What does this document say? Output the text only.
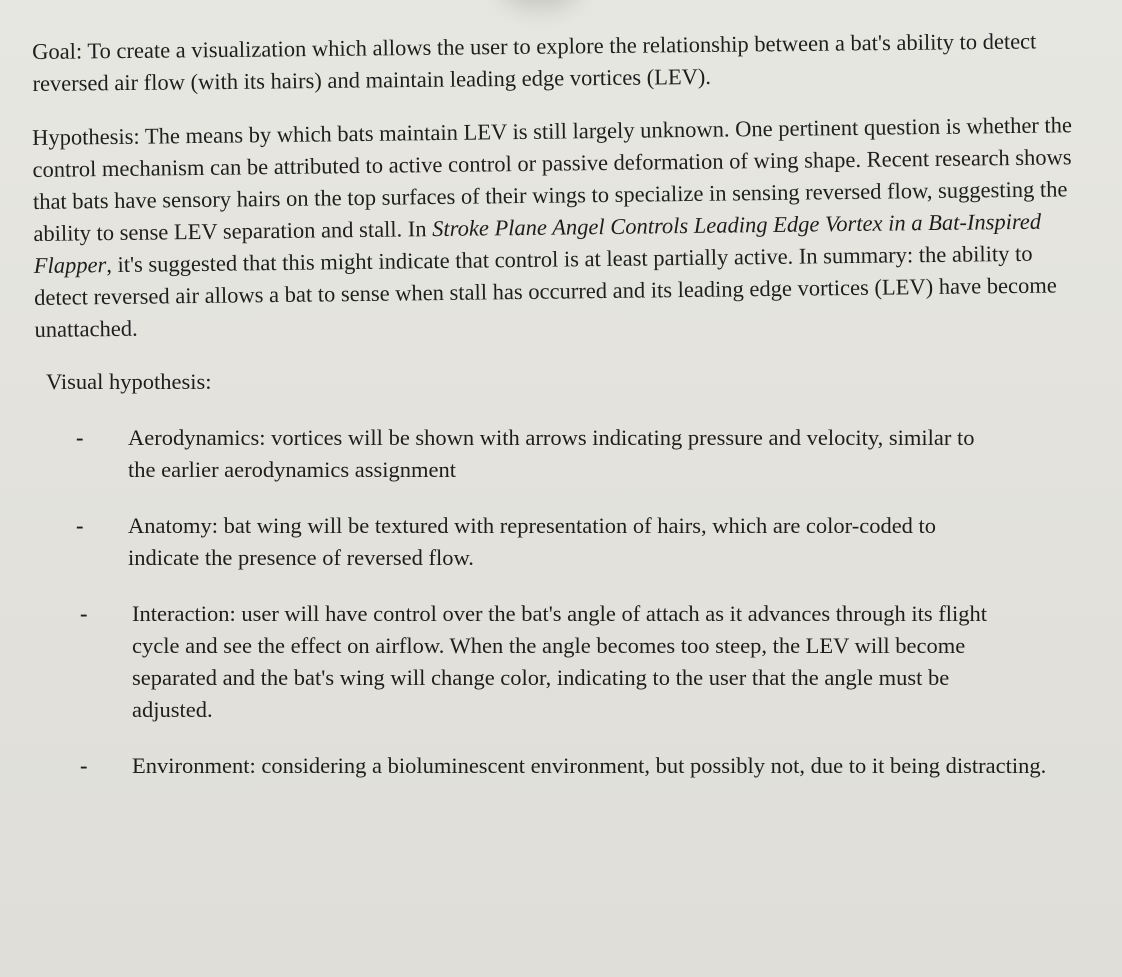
Goal: To create a visualization which allows the user to explore the relationship between a bat's ability to detect reversed air flow (with its hairs) and maintain leading edge vortices (LEV).

Hypothesis: The means by which bats maintain LEV is still largely unknown. One pertinent question is whether the control mechanism can be attributed to active control or passive deformation of wing shape. Recent research shows that bats have sensory hairs on the top surfaces of their wings to specialize in sensing reversed flow, suggesting the ability to sense LEV separation and stall. In Stroke Plane Angel Controls Leading Edge Vortex in a Bat-Inspired Flapper, it's suggested that this might indicate that control is at least partially active. In summary: the ability to detect reversed air allows a bat to sense when stall has occurred and its leading edge vortices (LEV) have become unattached.

Visual hypothesis:

- Aerodynamics: vortices will be shown with arrows indicating pressure and velocity, similar to the earlier aerodynamics assignment
- Anatomy: bat wing will be textured with representation of hairs, which are color-coded to indicate the presence of reversed flow.
- Interaction: user will have control over the bat's angle of attach as it advances through its flight cycle and see the effect on airflow. When the angle becomes too steep, the LEV will become separated and the bat's wing will change color, indicating to the user that the angle must be adjusted.
- Environment: considering a bioluminescent environment, but possibly not, due to it being distracting.
